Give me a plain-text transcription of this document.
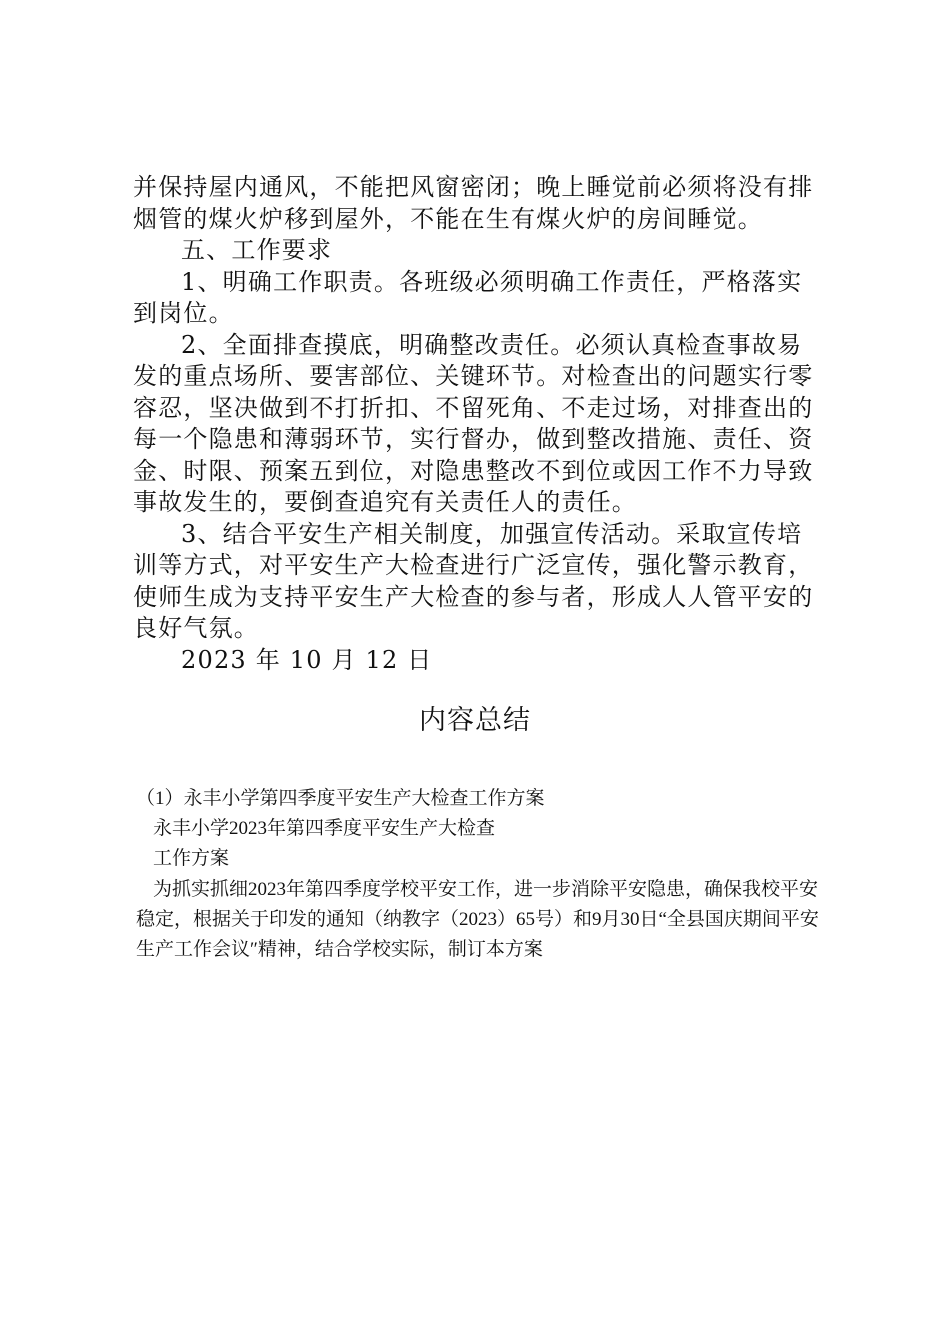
并保持屋内通风，不能把风窗密闭；晚上睡觉前必须将没有排烟管的煤火炉移到屋外，不能在生有煤火炉的房间睡觉。

五、工作要求

1、明确工作职责。各班级必须明确工作责任，严格落实到岗位。

2、全面排查摸底，明确整改责任。必须认真检查事故易发的重点场所、要害部位、关键环节。对检查出的问题实行零容忍，坚决做到不打折扣、不留死角、不走过场，对排查出的每一个隐患和薄弱环节，实行督办，做到整改措施、责任、资金、时限、预案五到位，对隐患整改不到位或因工作不力导致事故发生的，要倒查追究有关责任人的责任。

3、结合平安生产相关制度，加强宣传活动。采取宣传培训等方式，对平安生产大检查进行广泛宣传，强化警示教育，使师生成为支持平安生产大检查的参与者，形成人人管平安的良好气氛。

2023 年 10 月 12 日

内容总结

（1）永丰小学第四季度平安生产大检查工作方案

永丰小学2023年第四季度平安生产大检查

工作方案

为抓实抓细2023年第四季度学校平安工作，进一步消除平安隐患，确保我校平安稳定，根据关于印发的通知（纳教字（2023）65号）和9月30日“全县国庆期间平安生产工作会议″精神，结合学校实际，制订本方案
